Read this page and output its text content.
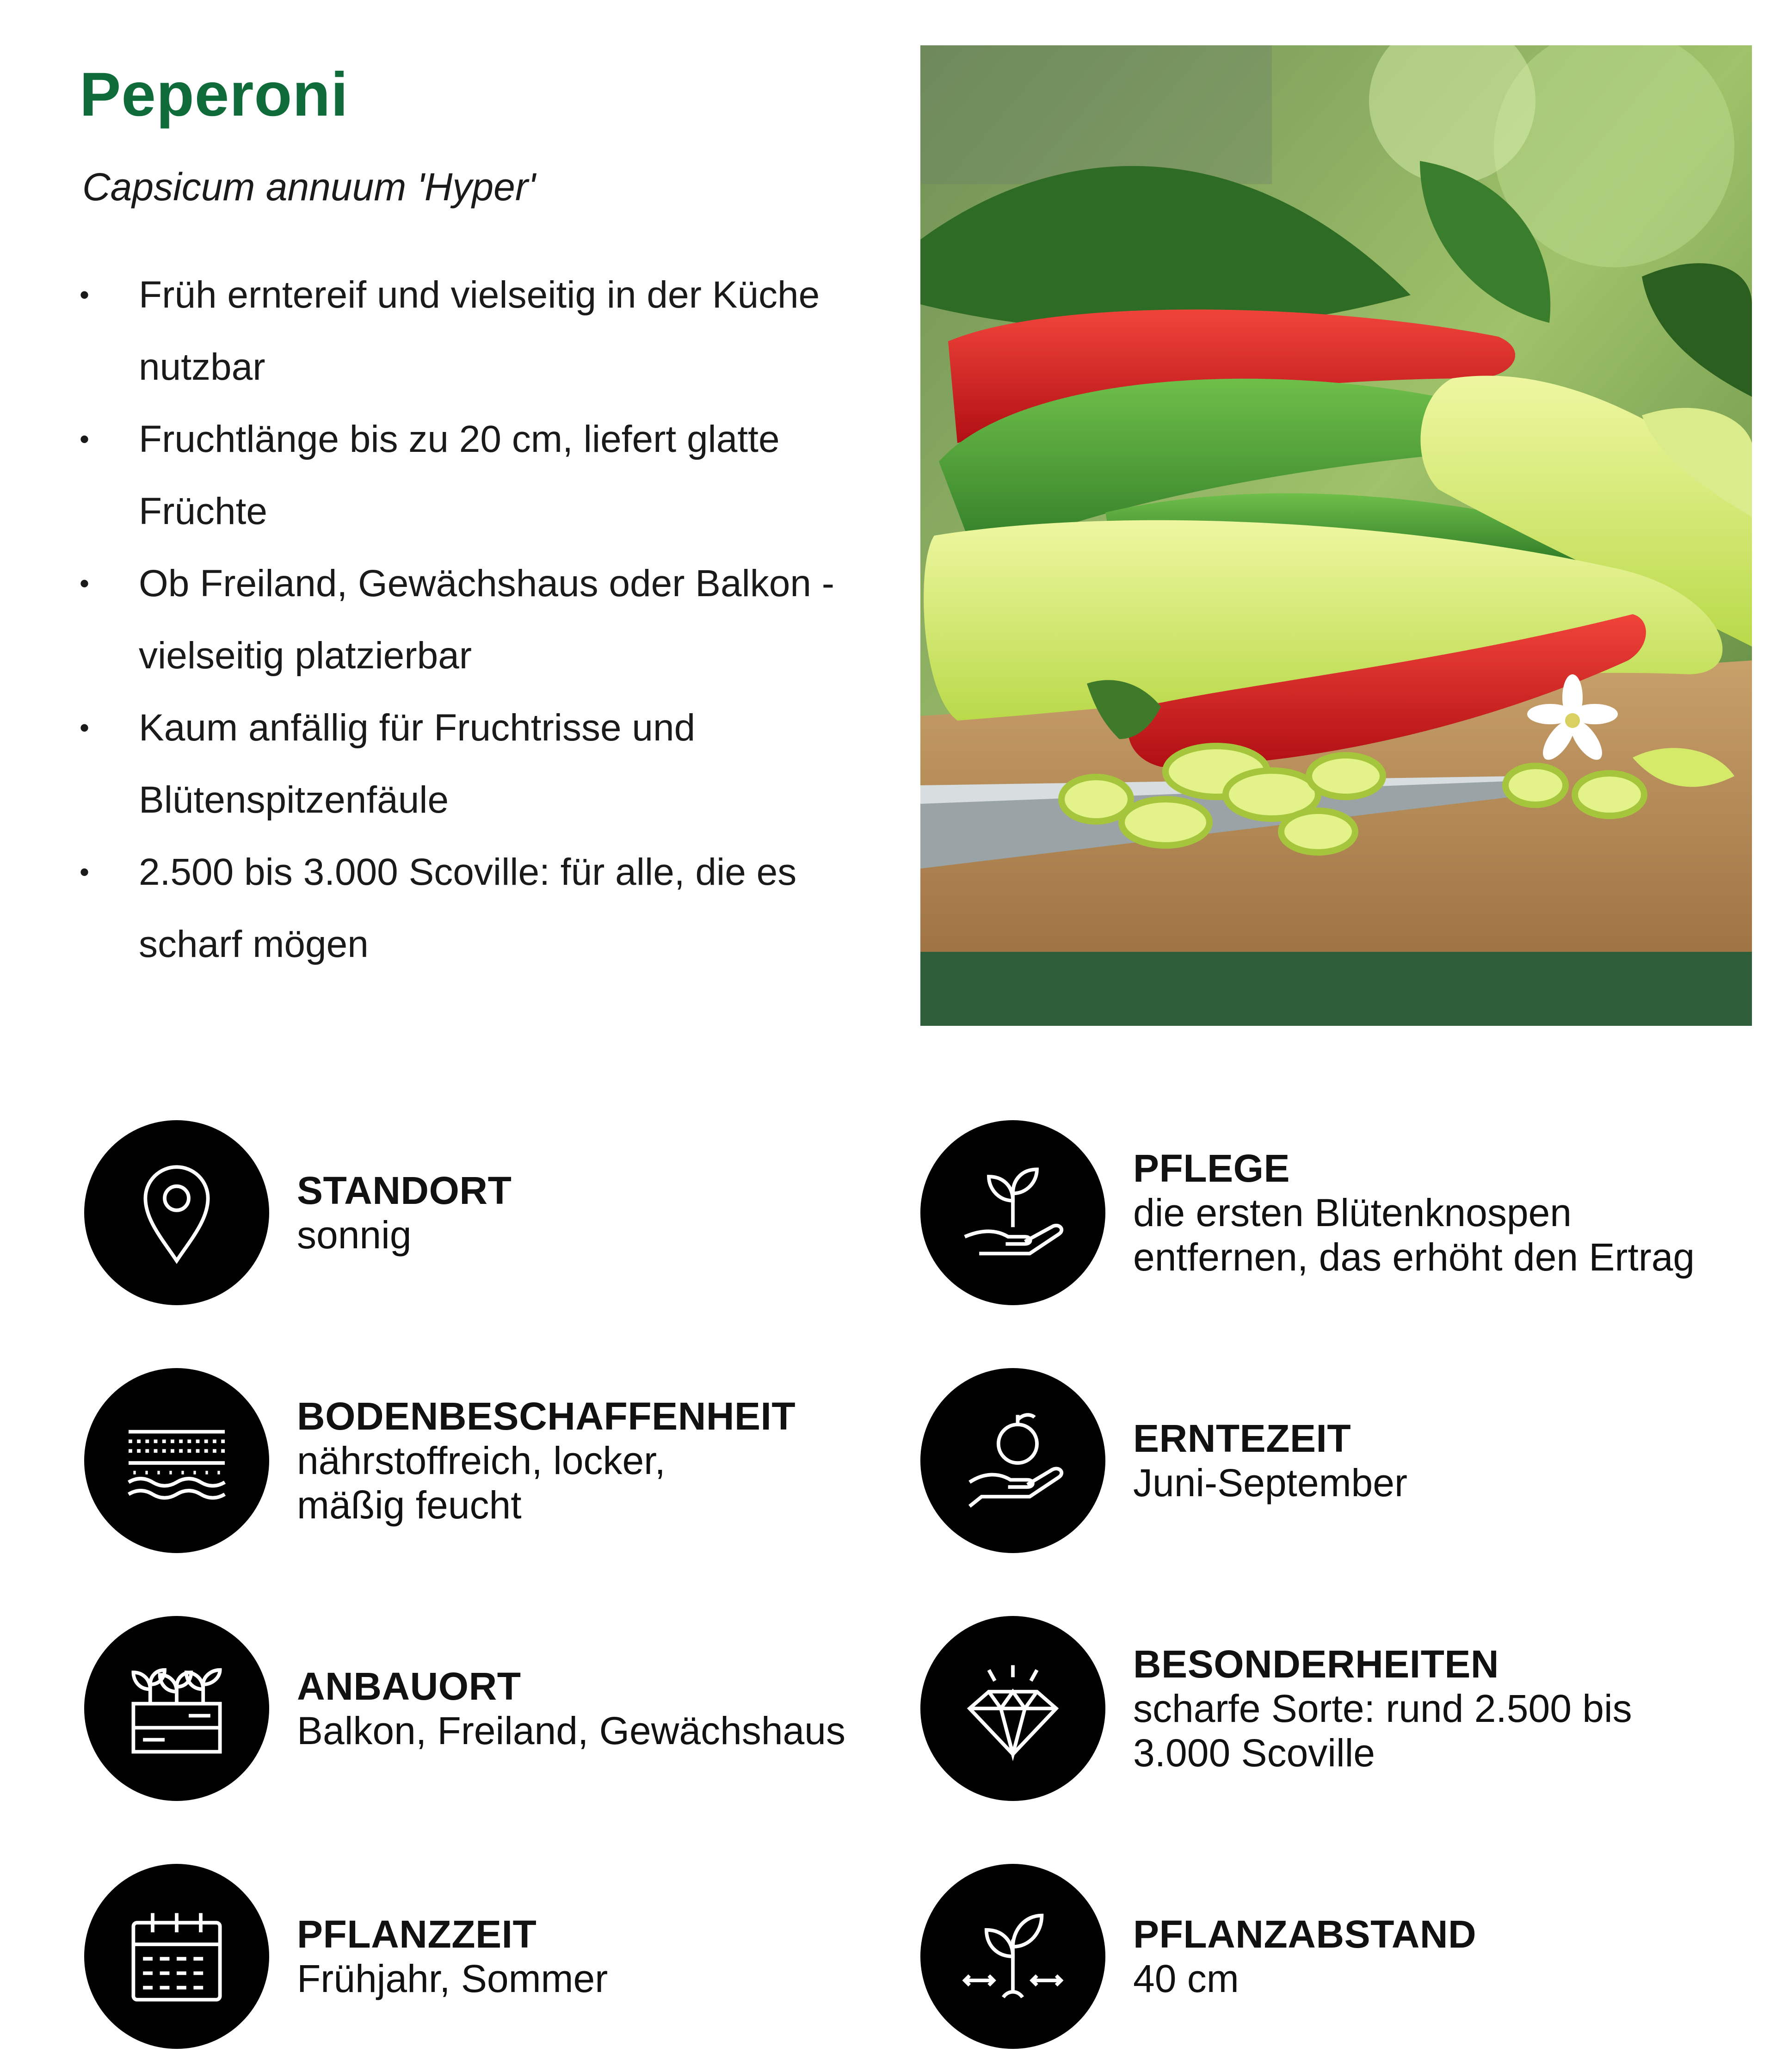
Peperoni
Capsicum annuum 'Hyper'
• Früh erntereif und vielseitig in der Küche nutzbar
• Fruchtlänge bis zu 20 cm, liefert glatte Früchte
• Ob Freiland, Gewächshaus oder Balkon - vielseitig platzierbar
• Kaum anfällig für Fruchtrisse und Blütenspitzenfäule
• 2.500 bis 3.000 Scoville: für alle, die es scharf mögen
STANDORT
sonnig
BODENBESCHAFFENHEIT
nährstoffreich, locker,
mäßig feucht
ANBAUORT
Balkon, Freiland, Gewächshaus
PFLANZZEIT
Frühjahr, Sommer
PFLEGE
die ersten Blütenknospen
entfernen, das erhöht den Ertrag
ERNTEZEIT
Juni-September
BESONDERHEITEN
scharfe Sorte: rund 2.500 bis
3.000 Scoville
PFLANZABSTAND
40 cm
